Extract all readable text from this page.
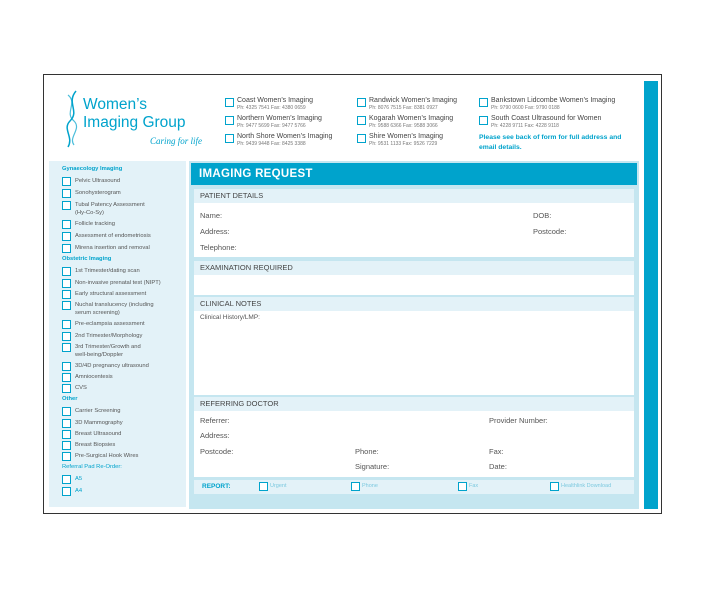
Women’s
Imaging Group
Caring for life
Coast Women’s Imaging
Ph: 4325 7541 Fax: 4380 0659
Northern Women’s Imaging
Ph: 9477 5699 Fax: 9477 5766
North Shore Women’s Imaging
Ph: 9439 9448 Fax: 8425 3388
Randwick Women’s Imaging
Ph: 8076 7515 Fax: 8381 0927
Kogarah Women’s Imaging
Ph: 9588 6366 Fax: 9588 3066
Shire Women’s Imaging
Ph: 9531 1133 Fax: 9526 7229
Bankstown Lidcombe Women’s Imaging
Ph: 9790 0600 Fax: 9790 0188
South Coast Ultrasound for Women
Ph: 4228 9711 Fax: 4228 9118
Please see back of form for full address and email details.
Gynaecology Imaging
Pelvic Ultrasound
Sonohysterogram
Tubal Patency Assessment
(Hy-Co-Sy)
Follicle tracking
Assessment of endometriosis
Mirena insertion and removal
Obstetric Imaging
1st Trimester/dating scan
Non-invasive prenatal test (NIPT)
Early structural assessment
Nuchal translucency (including
serum screening)
Pre-eclampsia assessment
2nd Trimester/Morphology
3rd Trimester/Growth and
well-being/Doppler
3D/4D pregnancy ultrasound
Amniocentesis
CVS
Other
Carrier Screening
3D Mammography
Breast Ultrasound
Breast Biopsies
Pre-Surgical Hook Wires
Referral Pad Re-Order:
A5
A4
IMAGING REQUEST
PATIENT DETAILS
Name:	DOB:
Address:	Postcode:
Telephone:
EXAMINATION REQUIRED
CLINICAL NOTES
Clinical History/LMP:
REFERRING DOCTOR
Referrer:	Provider Number:
Address:
Postcode:	Phone:	Fax:
Signature:	Date:
REPORT:	Urgent	Phone	Fax	Healthlink Download
